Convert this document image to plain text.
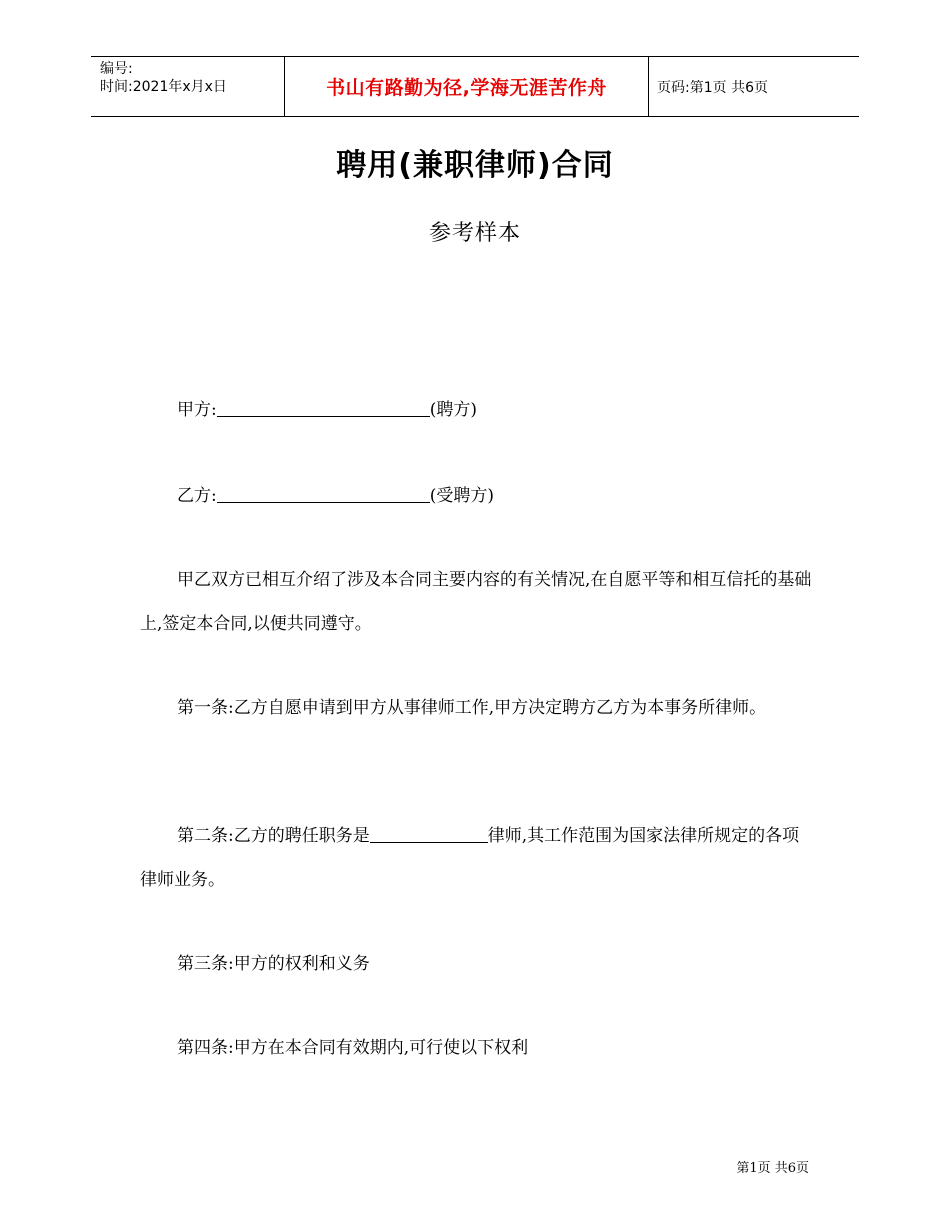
编号:
时间:2021年x月x日	书山有路勤为径,学海无涯苦作舟	页码:第1页 共6页
聘用(兼职律师)合同
参考样本
甲方:	(聘方)
乙方:	(受聘方)
甲乙双方已相互介绍了涉及本合同主要内容的有关情况,在自愿平等和相互信托的基础上,签定本合同,以便共同遵守。
第一条:乙方自愿申请到甲方从事律师工作,甲方决定聘方乙方为本事务所律师。
第二条:乙方的聘任职务是	律师,其工作范围为国家法律所规定的各项律师业务。
第三条:甲方的权利和义务
第四条:甲方在本合同有效期内,可行使以下权利
第1页 共6页
